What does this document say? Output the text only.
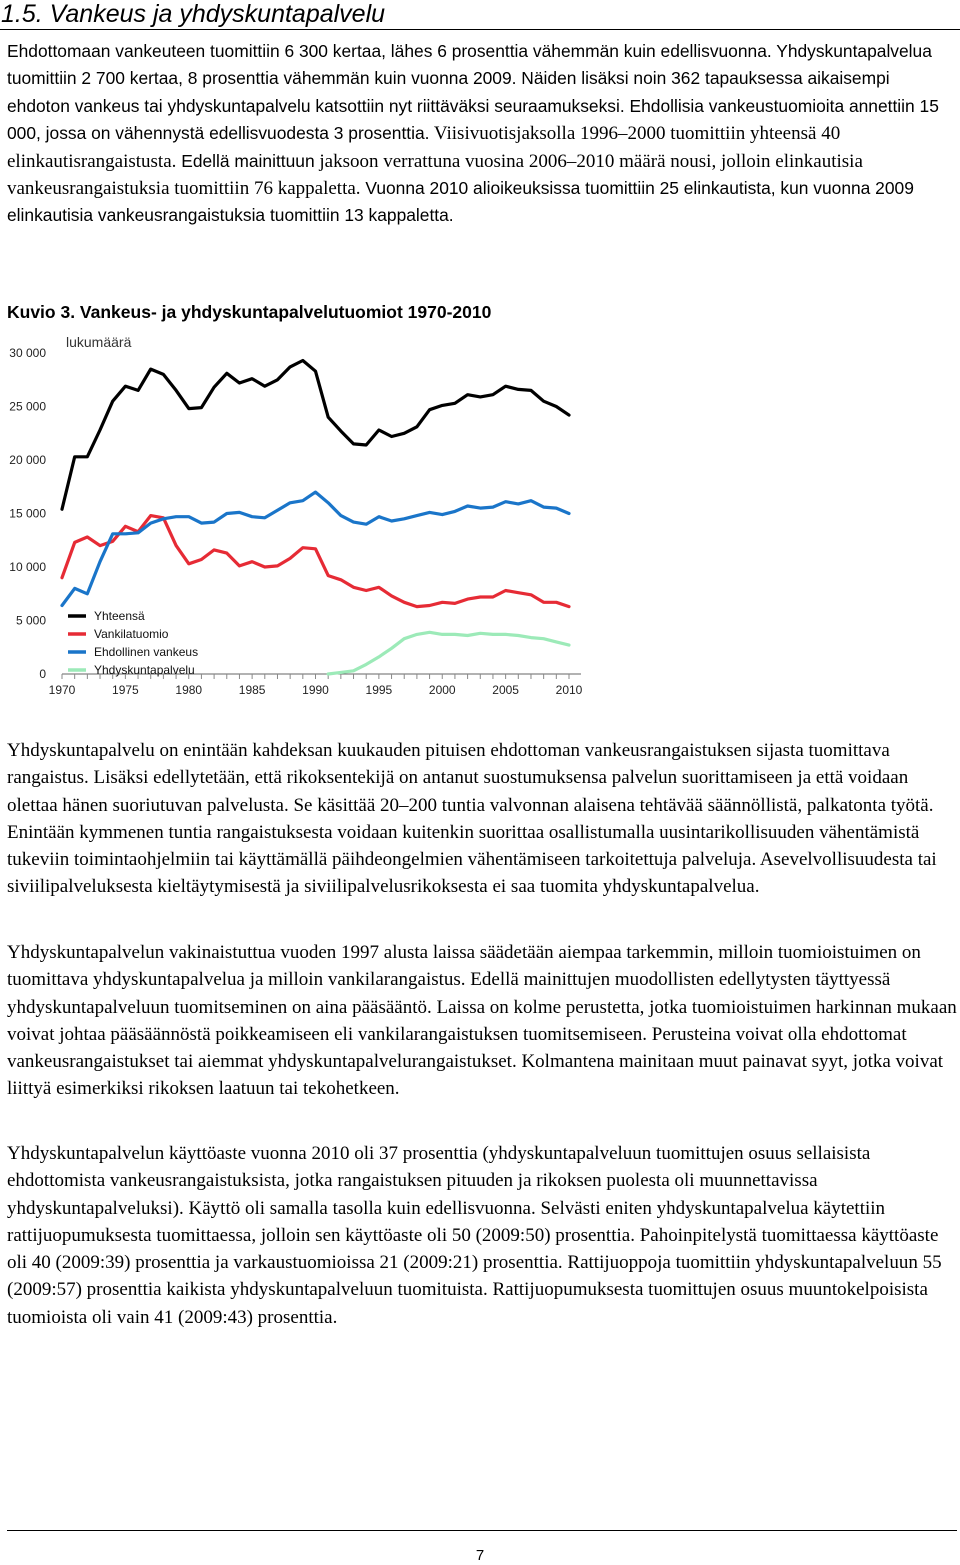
1.5. Vankeus ja yhdyskuntapalvelu
Ehdottomaan vankeuteen tuomittiin 6 300 kertaa, lähes 6 prosenttia vähemmän kuin edellisvuonna. Yhdyskuntapalvelua tuomittiin 2 700 kertaa, 8 prosenttia vähemmän kuin vuonna 2009. Näiden lisäksi noin 362 tapauksessa aikaisempi ehdoton vankeus tai yhdyskuntapalvelu katsottiin nyt riittäväksi seuraamukseksi. Ehdollisia vankeustuomioita annettiin 15 000, jossa on vähennystä edellisvuodesta 3 prosenttia. Viisivuotisjaksolla 1996–2000 tuomittiin yhteensä 40 elinkautisrangaistusta. Edellä mainittuun jaksoon verrattuna vuosina 2006–2010 määrä nousi, jolloin elinkautisia vankeusrangaistuksia tuomittiin 76 kappaletta. Vuonna 2010 alioikeuksissa tuomittiin 25 elinkautista, kun vuonna 2009 elinkautisia vankeusrangaistuksia tuomittiin 13 kappaletta.
Kuvio 3. Vankeus- ja yhdyskuntapalvelutuomiot 1970-2010
lukumäärä
30 000
25 000
20 000
15 000
10 000
5 000
0
1970	1975	1980	1985	1990	1995	2000	2005	2010
Yhteensä
Vankilatuomio
Ehdollinen vankeus
Yhdyskuntapalvelu
Yhdyskuntapalvelu on enintään kahdeksan kuukauden pituisen ehdottoman vankeusrangaistuksen sijasta tuomittava rangaistus. Lisäksi edellytetään, että rikoksentekijä on antanut suostumuksensa palvelun suorittamiseen ja että voidaan olettaa hänen suoriutuvan palvelusta. Se käsittää 20–200 tuntia valvonnan alaisena tehtävää säännöllistä, palkatonta työtä. Enintään kymmenen tuntia rangaistuksesta voidaan kuitenkin suorittaa osallistumalla uusintarikollisuuden vähentämistä tukeviin toimintaohjelmiin tai käyttämällä päihdeongelmien vähentämiseen tarkoitettuja palveluja. Asevelvollisuudesta tai siviilipalveluksesta kieltäytymisestä ja siviilipalvelusrikoksesta ei saa tuomita yhdyskuntapalvelua.
Yhdyskuntapalvelun vakinaistuttua vuoden 1997 alusta laissa säädetään aiempaa tarkemmin, milloin tuomioistuimen on tuomittava yhdyskuntapalvelua ja milloin vankilarangaistus. Edellä mainittujen muodollisten edellytysten täyttyessä yhdyskuntapalveluun tuomitseminen on aina pääsääntö. Laissa on kolme perustetta, jotka tuomioistuimen harkinnan mukaan voivat johtaa pääsäännöstä poikkeamiseen eli vankilarangaistuksen tuomitsemiseen. Perusteina voivat olla ehdottomat vankeusrangaistukset tai aiemmat yhdyskuntapalvelurangaistukset. Kolmantena mainitaan muut painavat syyt, jotka voivat liittyä esimerkiksi rikoksen laatuun tai tekohetkeen.
Yhdyskuntapalvelun käyttöaste vuonna 2010 oli 37 prosenttia (yhdyskuntapalveluun tuomittujen osuus sellaisista ehdottomista vankeusrangaistuksista, jotka rangaistuksen pituuden ja rikoksen puolesta oli muunnettavissa yhdyskuntapalveluksi). Käyttö oli samalla tasolla kuin edellisvuonna. Selvästi eniten yhdyskuntapalvelua käytettiin rattijuopumuksesta tuomittaessa, jolloin sen käyttöaste oli 50 (2009:50) prosenttia. Pahoinpitelystä tuomittaessa käyttöaste oli 40 (2009:39) prosenttia ja varkaustuomioissa 21 (2009:21) prosenttia. Rattijuoppoja tuomittiin yhdyskuntapalveluun 55 (2009:57) prosenttia kaikista yhdyskuntapalveluun tuomituista. Rattijuopumuksesta tuomittujen osuus muuntokelpoisista tuomioista oli vain 41 (2009:43) prosenttia.
7
